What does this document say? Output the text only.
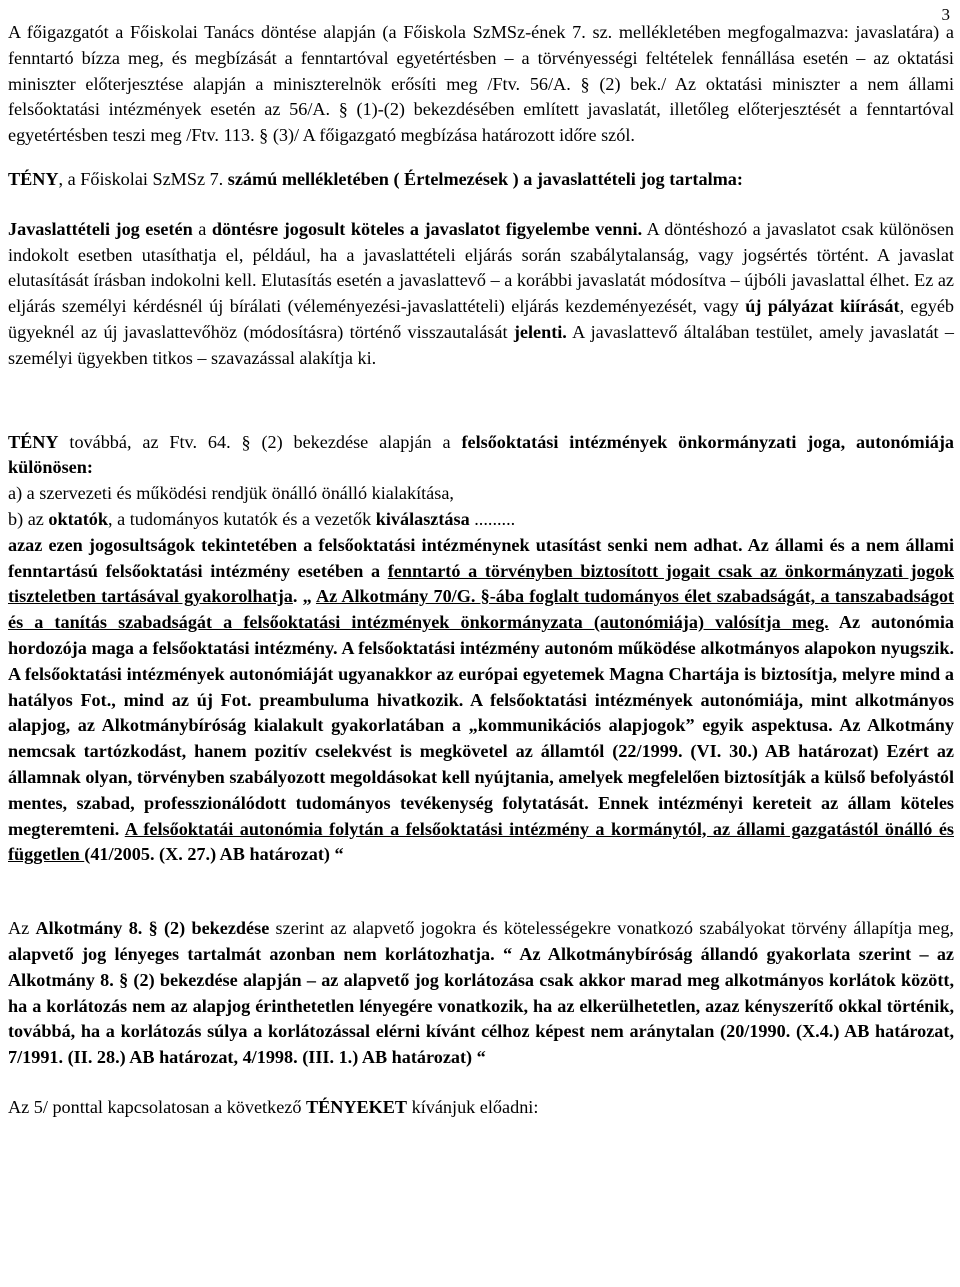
3

A főigazgatót a Főiskolai Tanács döntése alapján (a Főiskola SzMSz-ének 7. sz. mellékletében megfogalmazva: javaslatára) a fenntartó bízza meg, és megbízását a fenntartóval egyetértésben – a törvényességi feltételek fennállása esetén – az oktatási miniszter előterjesztése alapján a miniszterelnök erősíti meg /Ftv. 56/A. § (2) bek./ Az oktatási miniszter a nem állami felsőoktatási intézmények esetén az 56/A. § (1)-(2) bekezdésében említett javaslatát, illetőleg előterjesztését a fenntartóval egyetértésben teszi meg /Ftv. 113. § (3)/ A főigazgató megbízása határozott időre szól.

TÉNY, a Főiskolai SzMSz 7. számú mellékletében ( Értelmezések ) a javaslattételi jog tartalma:

Javaslattételi jog esetén a döntésre jogosult köteles a javaslatot figyelembe venni. A döntéshozó a javaslatot csak különösen indokolt esetben utasíthatja el, például, ha a javaslattételi eljárás során szabálytalanság, vagy jogsértés történt. A javaslat elutasítását írásban indokolni kell. Elutasítás esetén a javaslattevő – a korábbi javaslatát módosítva – újbóli javaslattal élhet. Ez az eljárás személyi kérdésnél új bírálati (véleményezési-javaslattételi) eljárás kezdeményezését, vagy új pályázat kiírását, egyéb ügyeknél az új javaslattevőhöz (módosításra) történő visszautalását jelenti. A javaslattevő általában testület, amely javaslatát – személyi ügyekben titkos – szavazással alakítja ki.

TÉNY továbbá, az Ftv. 64. § (2) bekezdése alapján a felsőoktatási intézmények önkormányzati joga, autonómiája különösen:
a) a szervezeti és működési rendjük önálló önálló kialakítása,
b) az oktatók, a tudományos kutatók és a vezetők kiválasztása .........
azaz ezen jogosultságok tekintetében a felsőoktatási intézménynek utasítást senki nem adhat. Az állami és a nem állami fenntartású felsőoktatási intézmény esetében a fenntartó a törvényben biztosított jogait csak az önkormányzati jogok tiszteletben tartásával gyakorolhatja. „ Az Alkotmány 70/G. §-ába foglalt tudományos élet szabadságát, a tanszabadságot és a tanítás szabadságát a felsőoktatási intézmények önkormányzata (autonómiája) valósítja meg. Az autonómia hordozója maga a felsőoktatási intézmény. A felsőoktatási intézmény autonóm működése alkotmányos alapokon nyugszik. A felsőoktatási intézmények autonómiáját ugyanakkor az európai egyetemek Magna Chartája is biztosítja, melyre mind a hatályos Fot., mind az új Fot. preambuluma hivatkozik. A felsőoktatási intézmények autonómiája, mint alkotmányos alapjog, az Alkotmánybíróság kialakult gyakorlatában a „kommunikációs alapjogok” egyik aspektusa. Az Alkotmány nemcsak tartózkodást, hanem pozitív cselekvést is megkövetel az államtól (22/1999. (VI. 30.) AB határozat) Ezért az államnak olyan, törvényben szabályozott megoldásokat kell nyújtania, amelyek megfelelően biztosítják a külső befolyástól mentes, szabad, professzionálódott tudományos tevékenység folytatását. Ennek intézményi kereteit az állam köteles megteremteni. A felsőoktatái autonómia folytán a felsőoktatási intézmény a kormánytól, az állami gazgatástól önálló és független (41/2005. (X. 27.) AB határozat) “

Az Alkotmány 8. § (2) bekezdése szerint az alapvető jogokra és kötelességekre vonatkozó szabályokat törvény állapítja meg, alapvető jog lényeges tartalmát azonban nem korlátozhatja. “ Az Alkotmánybíróság állandó gyakorlata szerint – az Alkotmány 8. § (2) bekezdése alapján – az alapvető jog korlátozása csak akkor marad meg alkotmányos korlátok között, ha a korlátozás nem az alapjog érinthetetlen lényegére vonatkozik, ha az elkerülhetetlen, azaz kényszerítő okkal történik, továbbá, ha a korlátozás súlya a korlátozással elérni kívánt célhoz képest nem aránytalan (20/1990. (X.4.) AB határozat, 7/1991. (II. 28.) AB határozat, 4/1998. (III. 1.) AB határozat) “

Az 5/ ponttal kapcsolatosan a következő TÉNYEKET kívánjuk előadni:
